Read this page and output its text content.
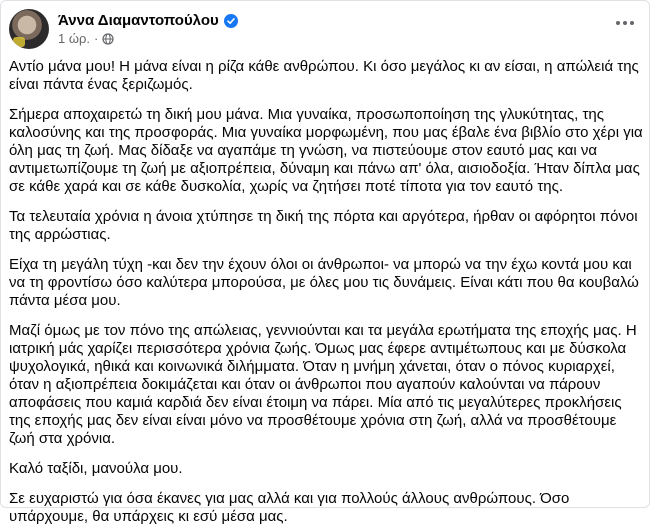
Άννα Διαμαντοπούλου
1 ώρ. ·

Αντίο μάνα μου! Η μάνα είναι η ρίζα κάθε ανθρώπου. Κι όσο μεγάλος κι αν είσαι, η απώλειά της είναι πάντα ένας ξεριζωμός.

Σήμερα αποχαιρετώ τη δική μου μάνα. Μια γυναίκα, προσωποποίηση της γλυκύτητας, της καλοσύνης και της προσφοράς. Μια γυναίκα μορφωμένη, που μας έβαλε ένα βιβλίο στο χέρι για όλη μας τη ζωή. Μας δίδαξε να αγαπάμε τη γνώση, να πιστεύουμε στον εαυτό μας και να αντιμετωπίζουμε τη ζωή με αξιοπρέπεια, δύναμη και πάνω απ' όλα, αισιοδοξία. Ήταν δίπλα μας σε κάθε χαρά και σε κάθε δυσκολία, χωρίς να ζητήσει ποτέ τίποτα για τον εαυτό της.

Τα τελευταία χρόνια η άνοια χτύπησε τη δική της πόρτα και αργότερα, ήρθαν οι αφόρητοι πόνοι της αρρώστιας.

Είχα τη μεγάλη τύχη -και δεν την έχουν όλοι οι άνθρωποι- να μπορώ να την έχω κοντά μου και να τη φροντίσω όσο καλύτερα μπορούσα, με όλες μου τις δυνάμεις. Είναι κάτι που θα κουβαλώ πάντα μέσα μου.

Μαζί όμως με τον πόνο της απώλειας, γεννιούνται και τα μεγάλα ερωτήματα της εποχής μας. Η ιατρική μάς χαρίζει περισσότερα χρόνια ζωής. Όμως μας έφερε αντιμέτωπους και με δύσκολα ψυχολογικά, ηθικά και κοινωνικά διλήμματα. Όταν η μνήμη χάνεται, όταν ο πόνος κυριαρχεί, όταν η αξιοπρέπεια δοκιμάζεται και όταν οι άνθρωποι που αγαπούν καλούνται να πάρουν αποφάσεις που καμιά καρδιά δεν είναι έτοιμη να πάρει. Μία από τις μεγαλύτερες προκλήσεις της εποχής μας δεν είναι είναι μόνο να προσθέτουμε χρόνια στη ζωή, αλλά να προσθέτουμε ζωή στα χρόνια.

Καλό ταξίδι, μανούλα μου.

Σε ευχαριστώ για όσα έκανες για μας αλλά και για πολλούς άλλους ανθρώπους. Όσο υπάρχουμε, θα υπάρχεις κι εσύ μέσα μας.
